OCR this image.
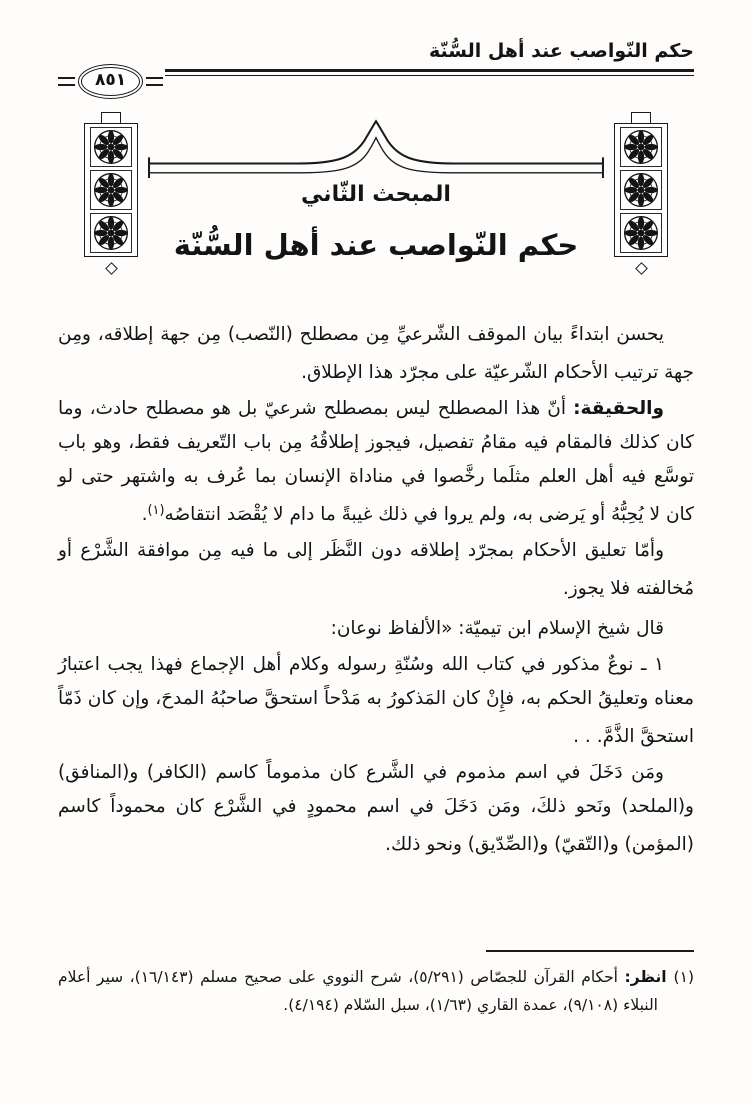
حكم النّواصب عند أهل السُّنّة
٨٥١
المبحث الثّاني
حكم النّواصب عند أهل السُّنّة

يحسن ابتداءً بيان الموقف الشّرعيِّ مِن مصطلح (النّصب) مِن جهة إطلاقه، ومِن جهة ترتيب الأحكام الشّرعيّة على مجرّد هذا الإطلاق.

والحقيقة: أنّ هذا المصطلح ليس بمصطلح شرعيّ بل هو مصطلح حادث، وما كان كذلك فالمقام فيه مقامُ تفصيل، فيجوز إطلاقُهُ مِن باب التّعريف فقط، وهو باب توسَّع فيه أهل العلم مثلَما رخَّصوا في مناداة الإنسان بما عُرف به واشتهر حتى لو كان لا يُحِبُّهُ أو يَرضى به، ولم يروا في ذلك غيبةً ما دام لا يُقْصَد انتقاصُه$^{(١)}$.

وأمّا تعليق الأحكام بمجرّد إطلاقه دون النَّظَر إلى ما فيه مِن موافقة الشَّرْع أو مُخالفته فلا يجوز.

قال شيخ الإسلام ابن تيميّة: «الألفاظ نوعان:

١ ـ نوعٌ مذكور في كتاب الله وسُنّةِ رسوله وكلام أهل الإجماع فهذا يجب اعتبارُ معناه وتعليقُ الحكم به، فإِنْ كان المَذكورُ به مَدْحاً استحقَّ صاحبُهُ المدحَ، وإن كان ذَمّاً استحقَّ الذَّمَّ. . .

ومَن دَخَلَ في اسم مذموم في الشَّرع كان مذموماً كاسم (الكافر) و(المنافق) و(الملحد) ونَحو ذلكَ، ومَن دَخَلَ في اسم محمودٍ في الشَّرْع كان محموداً كاسم (المؤمن) و(التّقيّ) و(الصِّدّيق) ونحو ذلك.

(١) انظر: أحكام القرآن للجصّاص (٥/٢٩١)، شرح النووي على صحيح مسلم (١٦/١٤٣)، سير أعلام النبلاء (٩/١٠٨)، عمدة القاري (١/٦٣)، سبل السّلام (٤/١٩٤).
